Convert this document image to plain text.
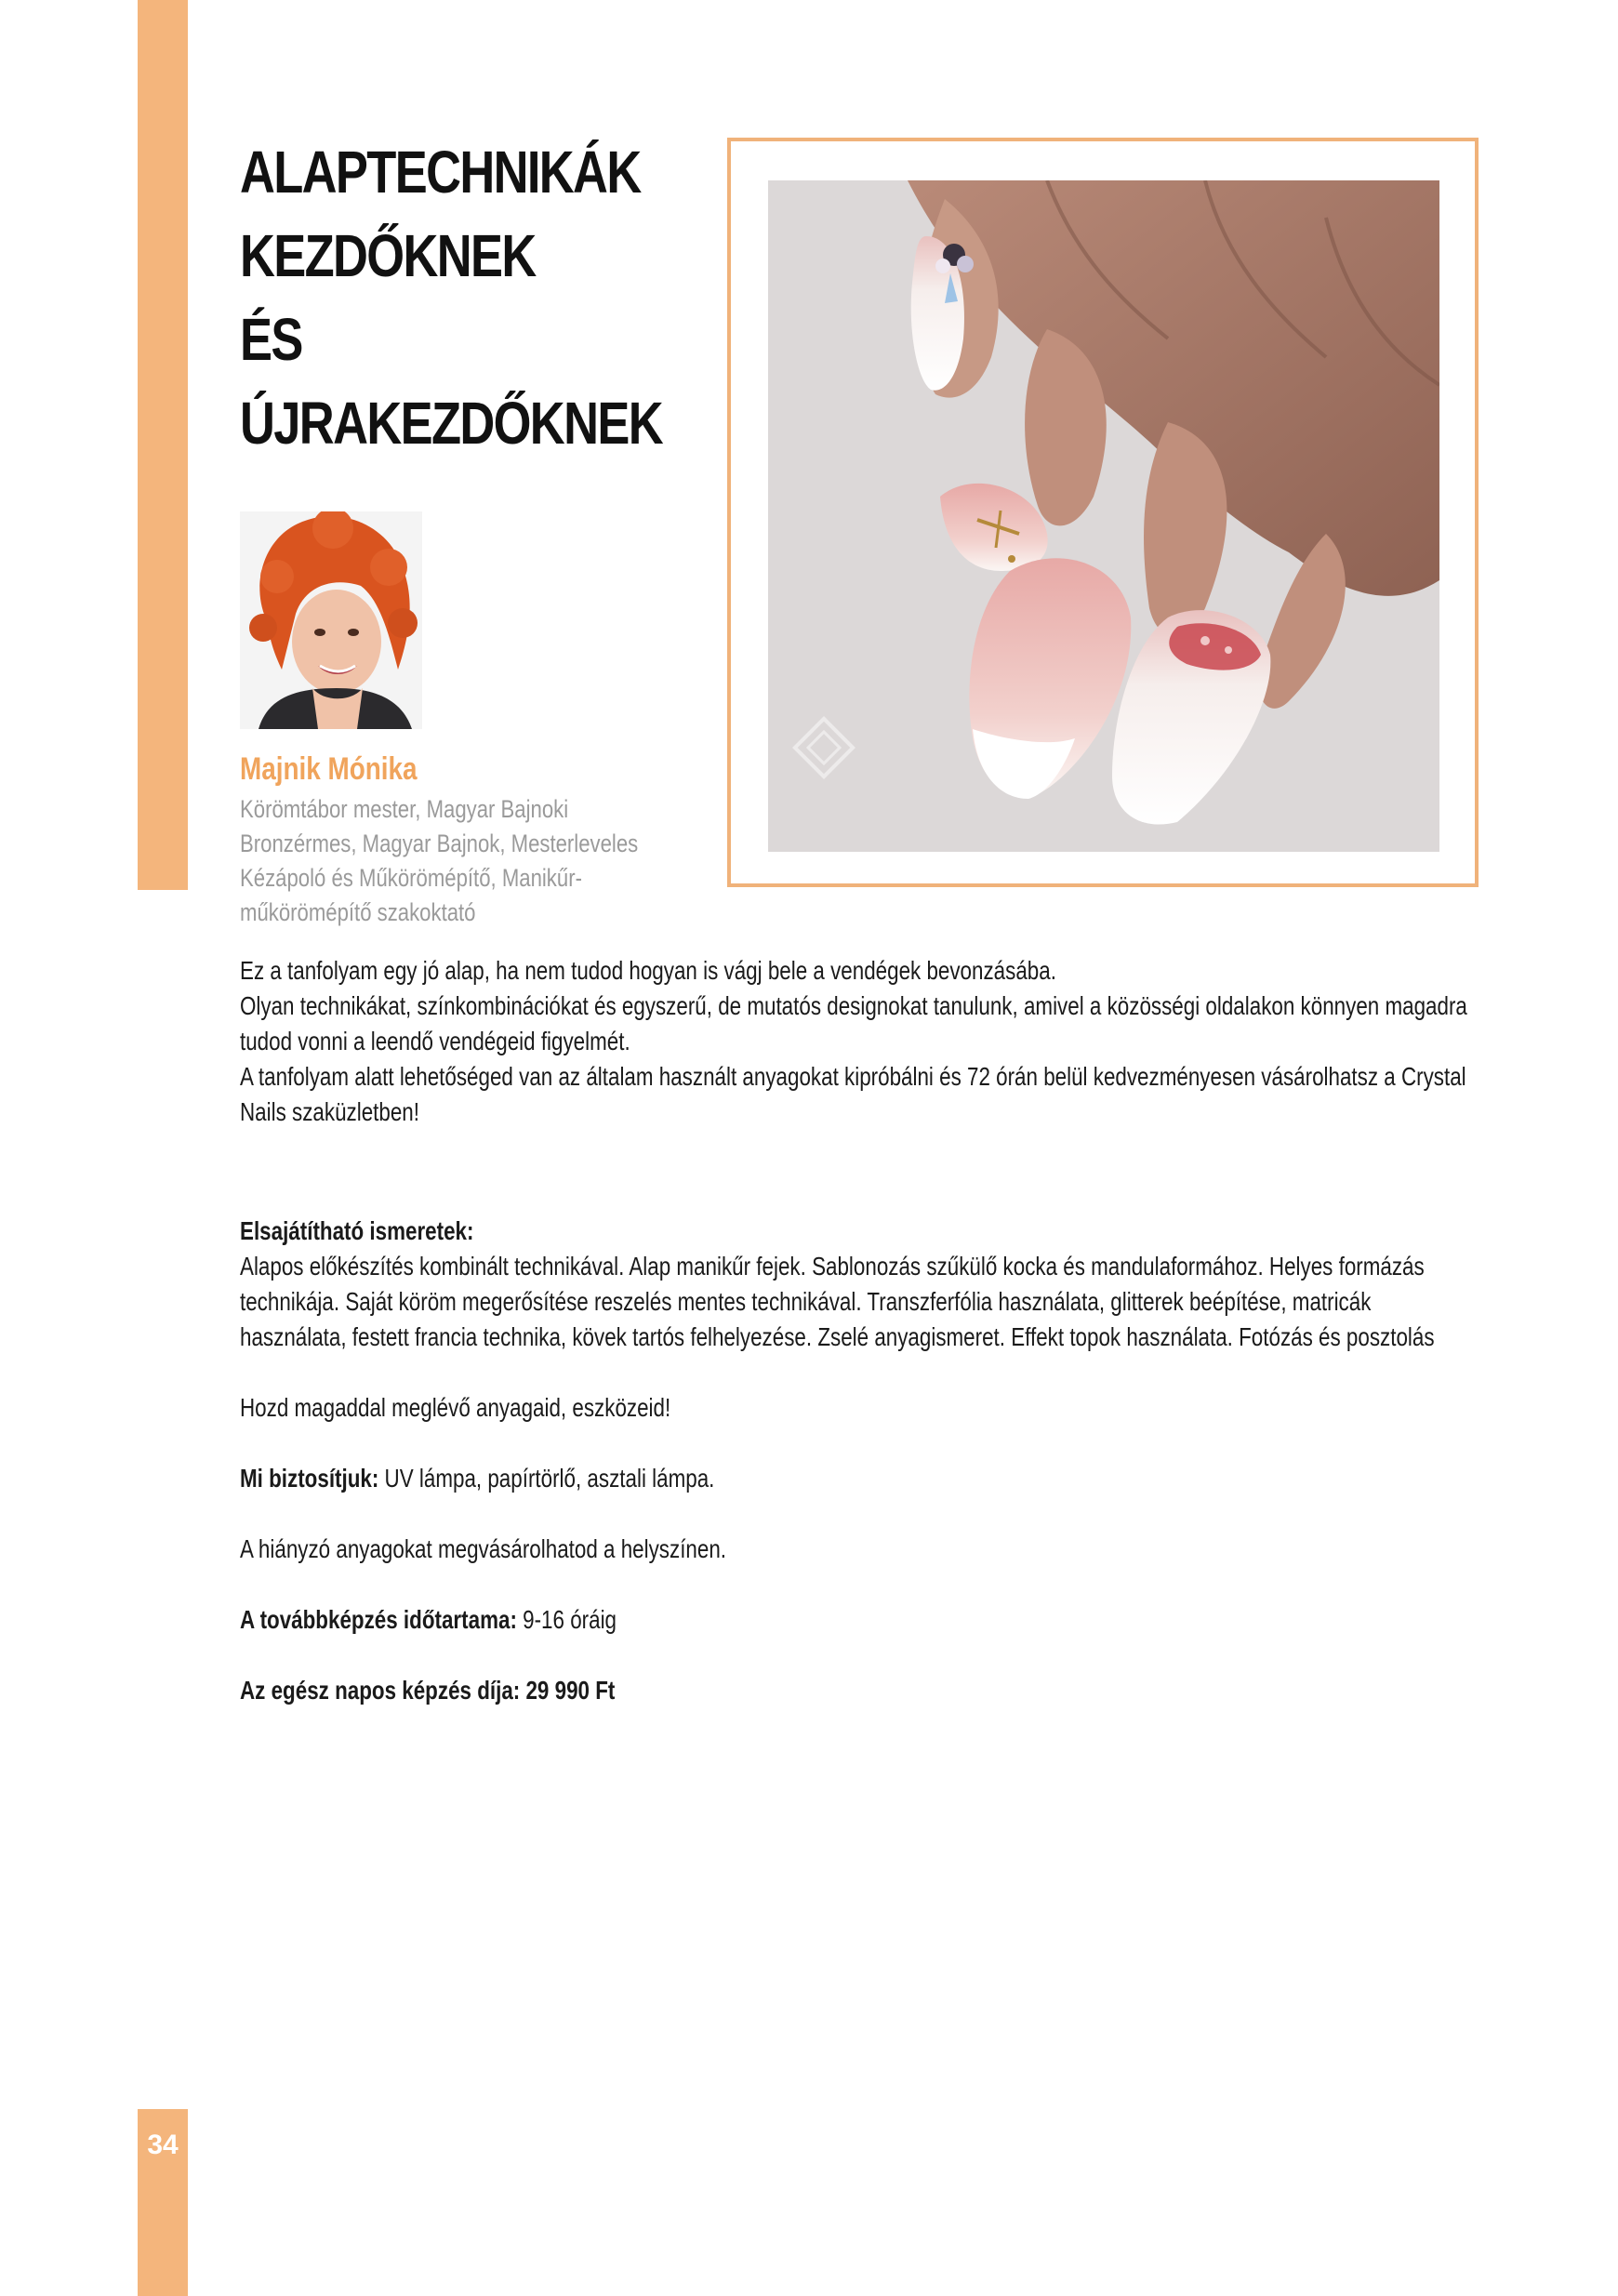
ALAPTECHNIKÁK
KEZDŐKNEK ÉS
ÚJRAKEZDŐKNEK

Majnik Mónika

Körömtábor mester, Magyar Bajnoki Bronzérmes, Magyar Bajnok, Mesterleveles Kézápoló és Műkörömépítő, Manikűr-műkörömépítő szakoktató

Ez a tanfolyam egy jó alap, ha nem tudod hogyan is vágj bele a vendégek bevonzásába.

Olyan technikákat, színkombinációkat és egyszerű, de mutatós designokat tanulunk, amivel a közösségi oldalakon könnyen magadra tudod vonni a leendő vendégeid figyelmét.

A tanfolyam alatt lehetőséged van az általam használt anyagokat kipróbálni és 72 órán belül kedvezményesen vásárolhatsz a Crystal Nails szaküzletben!

Elsajátítható ismeretek:

Alapos előkészítés kombinált technikával. Alap manikűr fejek. Sablonozás szűkülő kocka és mandulaformához. Helyes formázás technikája. Saját köröm megerősítése reszelés mentes technikával. Transzferfólia használata, glitterek beépítése, matricák használata, festett francia technika, kövek tartós felhelyezése. Zselé anyagismeret. Effekt topok használata. Fotózás és posztolás

Hozd magaddal meglévő anyagaid, eszközeid!

Mi biztosítjuk: UV lámpa, papírtörlő, asztali lámpa.

A hiányzó anyagokat megvásárolhatod a helyszínen.

A továbbképzés időtartama: 9-16 óráig

Az egész napos képzés díja: 29 990 Ft

34
